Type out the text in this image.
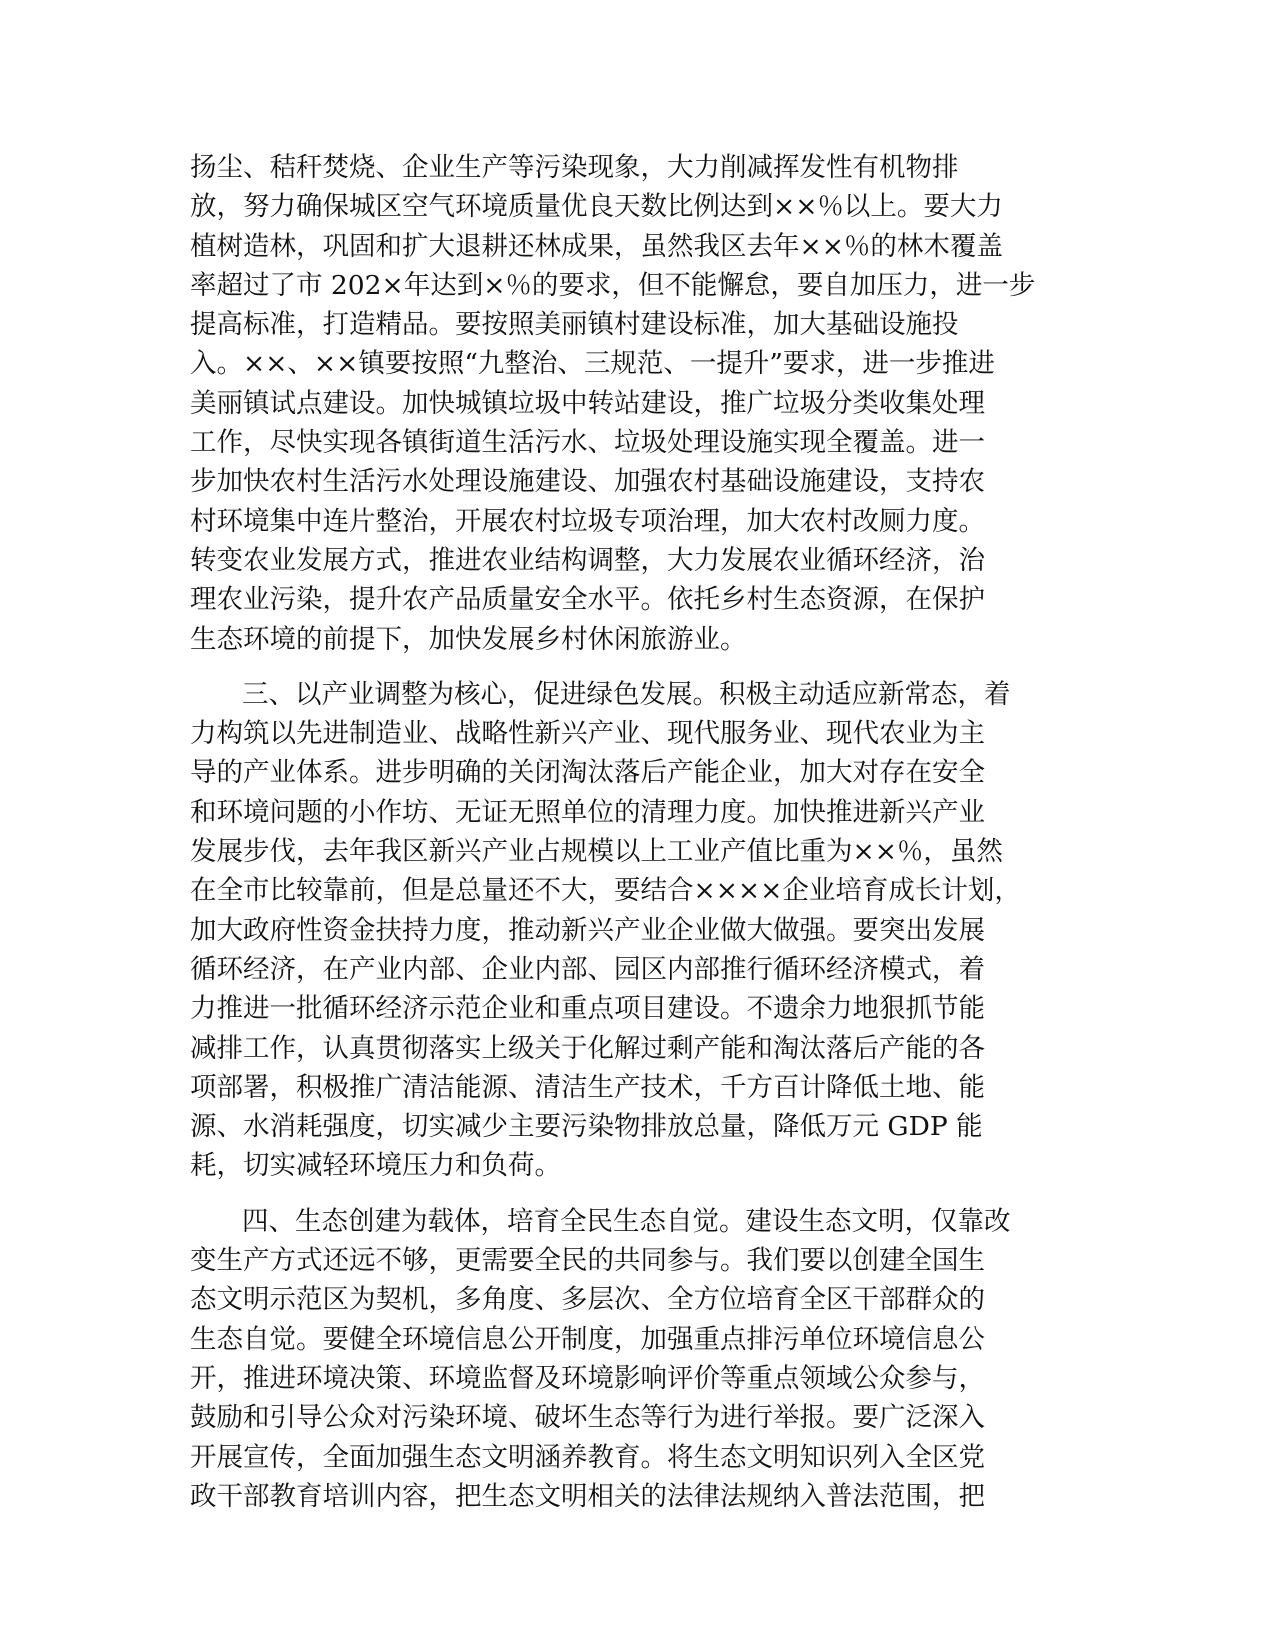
扬尘、秸秆焚烧、企业生产等污染现象，大力削减挥发性有机物排
放，努力确保城区空气环境质量优良天数比例达到××％以上。要大力
植树造林，巩固和扩大退耕还林成果，虽然我区去年××％的林木覆盖
率超过了市 202×年达到×％的要求，但不能懈怠，要自加压力，进一步
提高标准，打造精品。要按照美丽镇村建设标准，加大基础设施投
入。××、××镇要按照“九整治、三规范、一提升”要求，进一步推进
美丽镇试点建设。加快城镇垃圾中转站建设，推广垃圾分类收集处理
工作，尽快实现各镇街道生活污水、垃圾处理设施实现全覆盖。进一
步加快农村生活污水处理设施建设、加强农村基础设施建设，支持农
村环境集中连片整治，开展农村垃圾专项治理，加大农村改厕力度。
转变农业发展方式，推进农业结构调整，大力发展农业循环经济，治
理农业污染，提升农产品质量安全水平。依托乡村生态资源，在保护
生态环境的前提下，加快发展乡村休闲旅游业。
三、以产业调整为核心，促进绿色发展。积极主动适应新常态，着
力构筑以先进制造业、战略性新兴产业、现代服务业、现代农业为主
导的产业体系。进步明确的关闭淘汰落后产能企业，加大对存在安全
和环境问题的小作坊、无证无照单位的清理力度。加快推进新兴产业
发展步伐，去年我区新兴产业占规模以上工业产值比重为××％，虽然
在全市比较靠前，但是总量还不大，要结合××××企业培育成长计划，
加大政府性资金扶持力度，推动新兴产业企业做大做强。要突出发展
循环经济，在产业内部、企业内部、园区内部推行循环经济模式，着
力推进一批循环经济示范企业和重点项目建设。不遗余力地狠抓节能
减排工作，认真贯彻落实上级关于化解过剩产能和淘汰落后产能的各
项部署，积极推广清洁能源、清洁生产技术，千方百计降低土地、能
源、水消耗强度，切实减少主要污染物排放总量，降低万元 GDP 能
耗，切实减轻环境压力和负荷。
四、生态创建为载体，培育全民生态自觉。建设生态文明，仅靠改
变生产方式还远不够，更需要全民的共同参与。我们要以创建全国生
态文明示范区为契机，多角度、多层次、全方位培育全区干部群众的
生态自觉。要健全环境信息公开制度，加强重点排污单位环境信息公
开，推进环境决策、环境监督及环境影响评价等重点领域公众参与，
鼓励和引导公众对污染环境、破坏生态等行为进行举报。要广泛深入
开展宣传，全面加强生态文明涵养教育。将生态文明知识列入全区党
政干部教育培训内容，把生态文明相关的法律法规纳入普法范围，把
